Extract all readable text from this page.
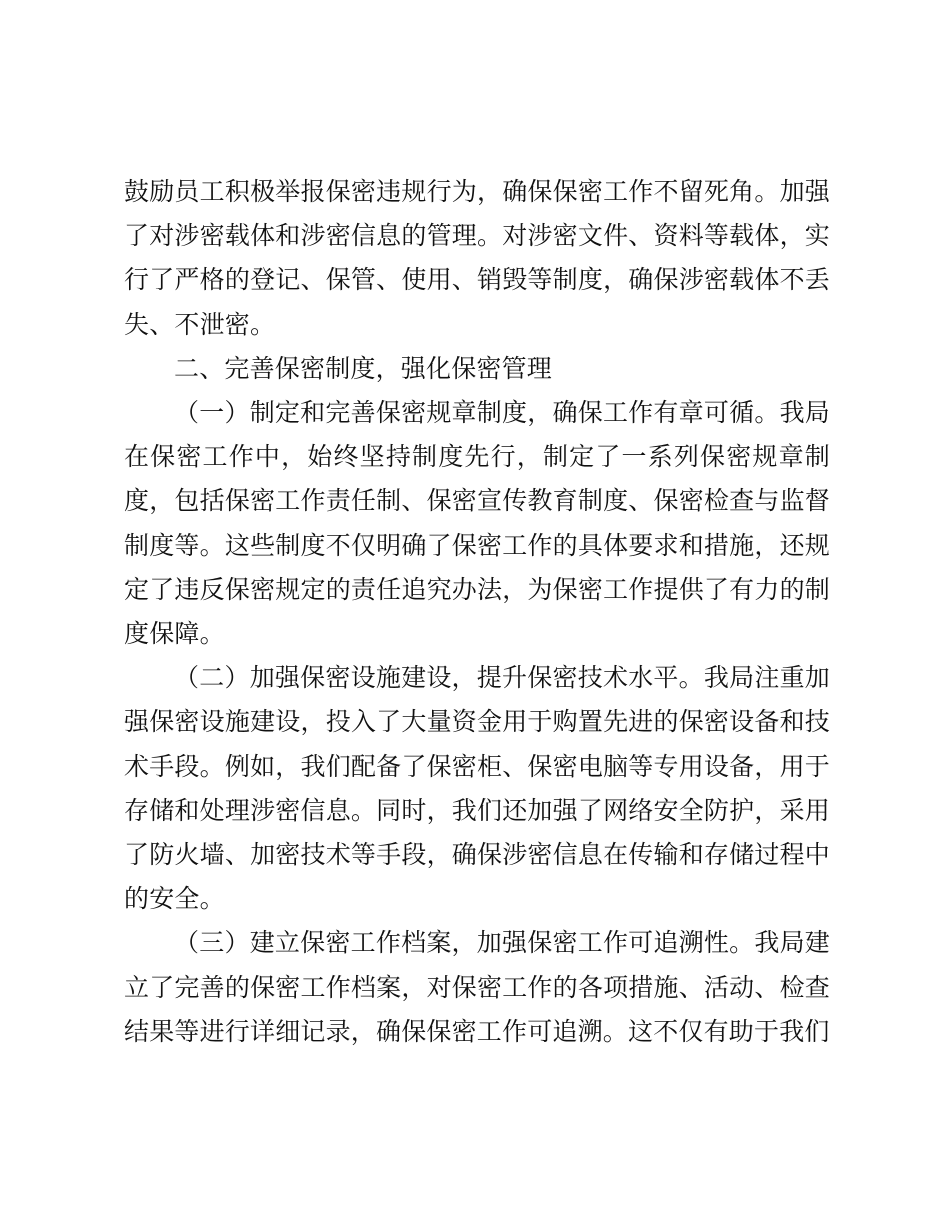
鼓励员工积极举报保密违规行为，确保保密工作不留死角。加强了对涉密载体和涉密信息的管理。对涉密文件、资料等载体，实行了严格的登记、保管、使用、销毁等制度，确保涉密载体不丢失、不泄密。

二、完善保密制度，强化保密管理

（一）制定和完善保密规章制度，确保工作有章可循。我局在保密工作中，始终坚持制度先行，制定了一系列保密规章制度，包括保密工作责任制、保密宣传教育制度、保密检查与监督制度等。这些制度不仅明确了保密工作的具体要求和措施，还规定了违反保密规定的责任追究办法，为保密工作提供了有力的制度保障。

（二）加强保密设施建设，提升保密技术水平。我局注重加强保密设施建设，投入了大量资金用于购置先进的保密设备和技术手段。例如，我们配备了保密柜、保密电脑等专用设备，用于存储和处理涉密信息。同时，我们还加强了网络安全防护，采用了防火墙、加密技术等手段，确保涉密信息在传输和存储过程中的安全。

（三）建立保密工作档案，加强保密工作可追溯性。我局建立了完善的保密工作档案，对保密工作的各项措施、活动、检查结果等进行详细记录，确保保密工作可追溯。这不仅有助于我们
